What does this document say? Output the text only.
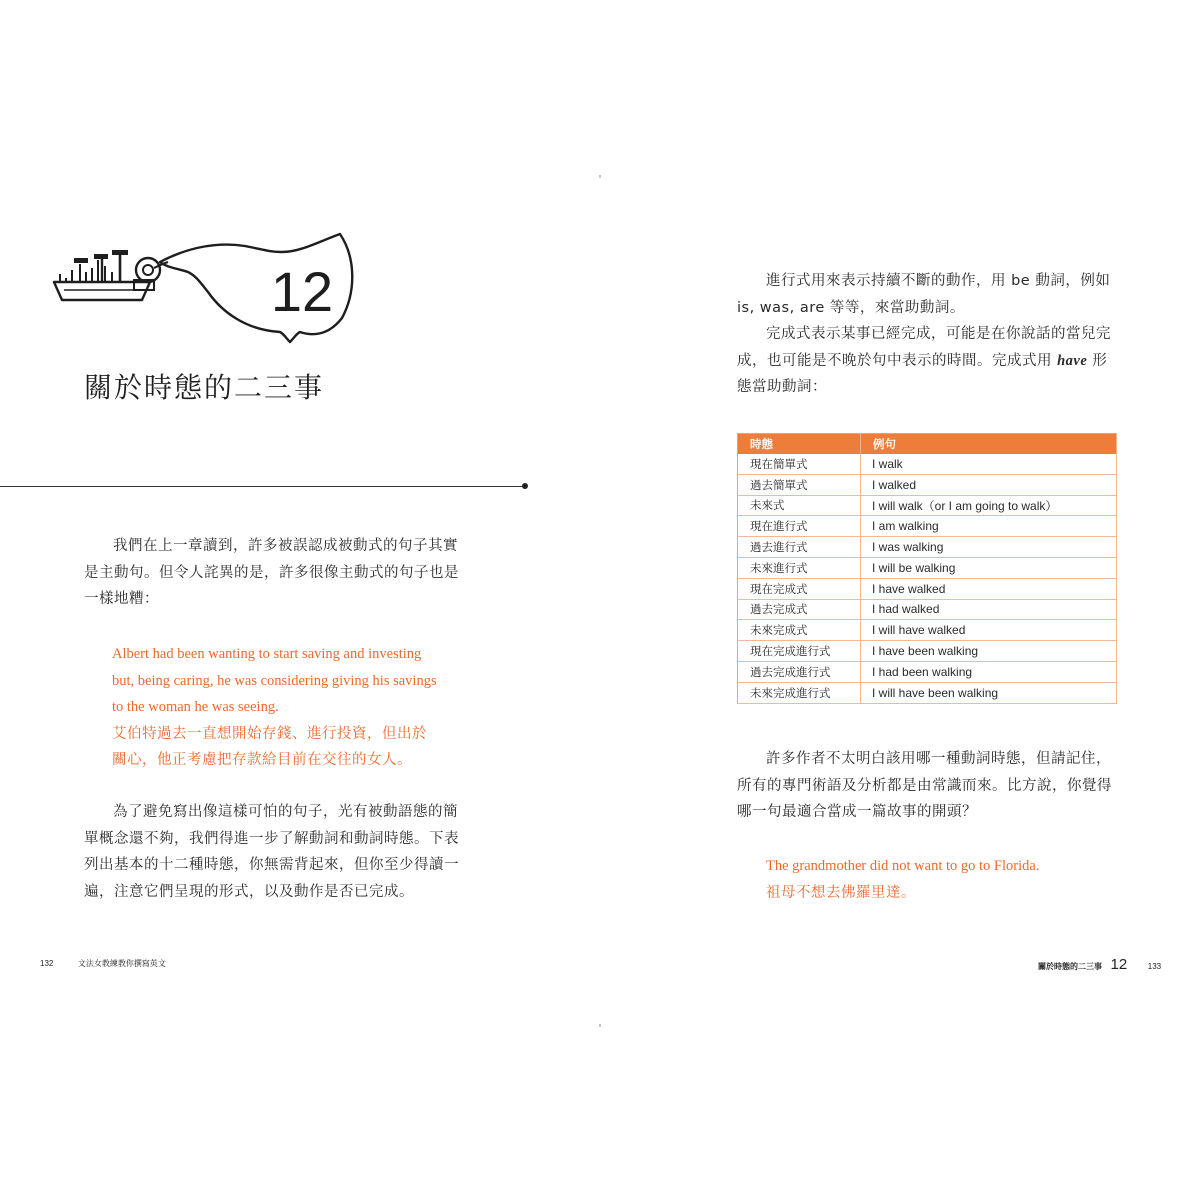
12
關於時態的二三事

我們在上一章讀到，許多被誤認成被動式的句子其實是主動句。但令人詫異的是，許多很像主動式的句子也是一樣地糟：

Albert had been wanting to start saving and investing
but, being caring, he was considering giving his savings
to the woman he was seeing.
艾伯特過去一直想開始存錢、進行投資，但出於
關心，他正考慮把存款給目前在交往的女人。

為了避免寫出像這樣可怕的句子，光有被動語態的簡單概念還不夠，我們得進一步了解動詞和動詞時態。下表列出基本的十二種時態，你無需背起來，但你至少得讀一遍，注意它們呈現的形式，以及動作是否已完成。

132	文法女教練教你撰寫英文

進行式用來表示持續不斷的動作，用 be 動詞，例如 is, was, are 等等，來當助動詞。

完成式表示某事已經完成，可能是在你說話的當兒完成，也可能是不晚於句中表示的時間。完成式用 have 形態當助動詞：

時態	例句
現在簡單式	I walk
過去簡單式	I walked
未來式	I will walk（or I am going to walk）
現在進行式	I am walking
過去進行式	I was walking
未來進行式	I will be walking
現在完成式	I have walked
過去完成式	I had walked
未來完成式	I will have walked
現在完成進行式	I have been walking
過去完成進行式	I had been walking
未來完成進行式	I will have been walking

許多作者不太明白該用哪一種動詞時態，但請記住，所有的專門術語及分析都是由常識而來。比方說，你覺得哪一句最適合當成一篇故事的開頭？

The grandmother did not want to go to Florida.
祖母不想去佛羅里達。
關於時態的二三事 12	133
